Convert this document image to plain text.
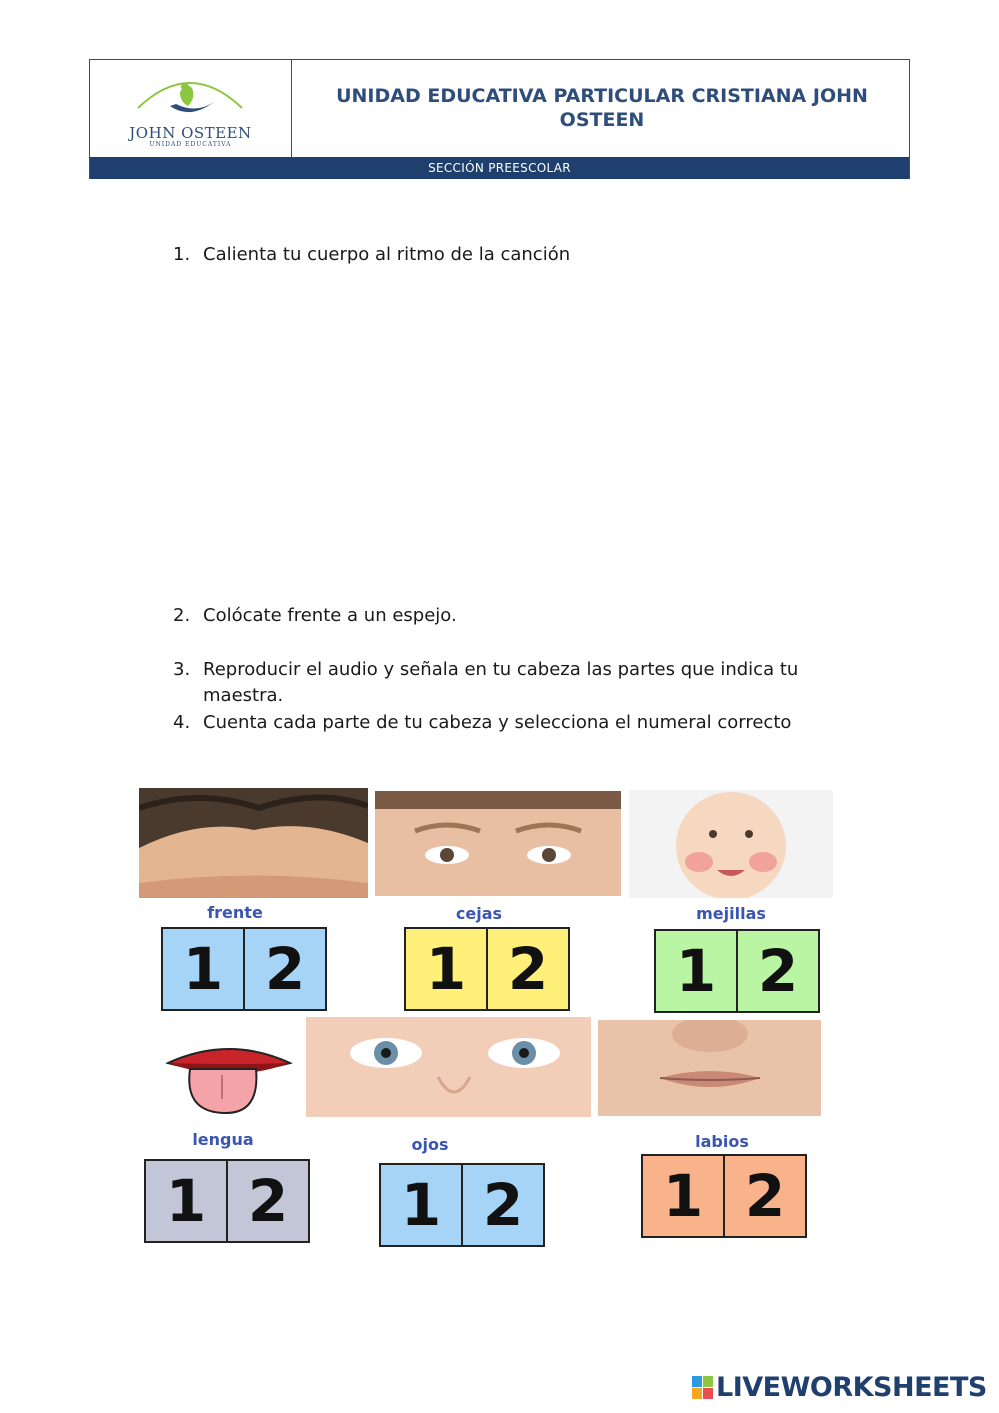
JOHN OSTEEN
UNIDAD EDUCATIVA
UNIDAD EDUCATIVA PARTICULAR CRISTIANA JOHN OSTEEN
SECCIÓN PREESCOLAR
1. Calienta tu cuerpo al ritmo de la canción
2. Colócate frente a un espejo.
3. Reproducir el audio y señala en tu cabeza las partes que indica tu maestra.
4. Cuenta cada parte de tu cabeza y selecciona el numeral correcto
frente
1 2
cejas
1 2
mejillas
1 2
lengua
1 2
ojos
1 2
labios
1 2
LIVEWORKSHEETS
